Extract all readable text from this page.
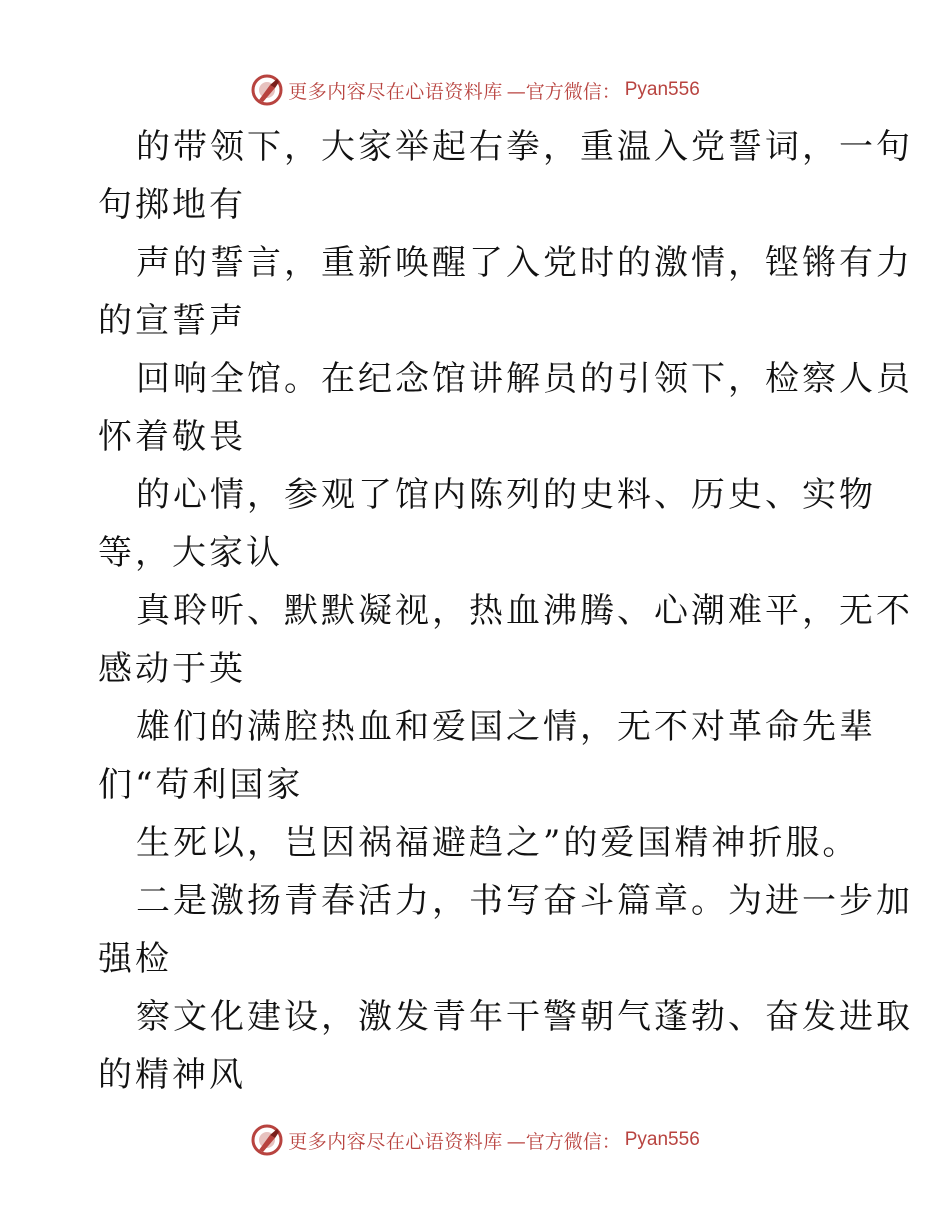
更多内容尽在心语资料库 —官方微信： Pyan556

的带领下，大家举起右拳，重温入党誓词，一句

句掷地有

声的誓言，重新唤醒了入党时的激情，铿锵有力

的宣誓声

回响全馆。在纪念馆讲解员的引领下，检察人员

怀着敬畏

的心情，参观了馆内陈列的史料、历史、实物

等，大家认

真聆听、默默凝视，热血沸腾、心潮难平，无不

感动于英

雄们的满腔热血和爱国之情，无不对革命先辈

们“苟利国家

生死以，岂因祸福避趋之”的爱国精神折服。

二是激扬青春活力，书写奋斗篇章。为进一步加

强检

察文化建设，激发青年干警朝气蓬勃、奋发进取

的精神风

更多内容尽在心语资料库 —官方微信： Pyan556
